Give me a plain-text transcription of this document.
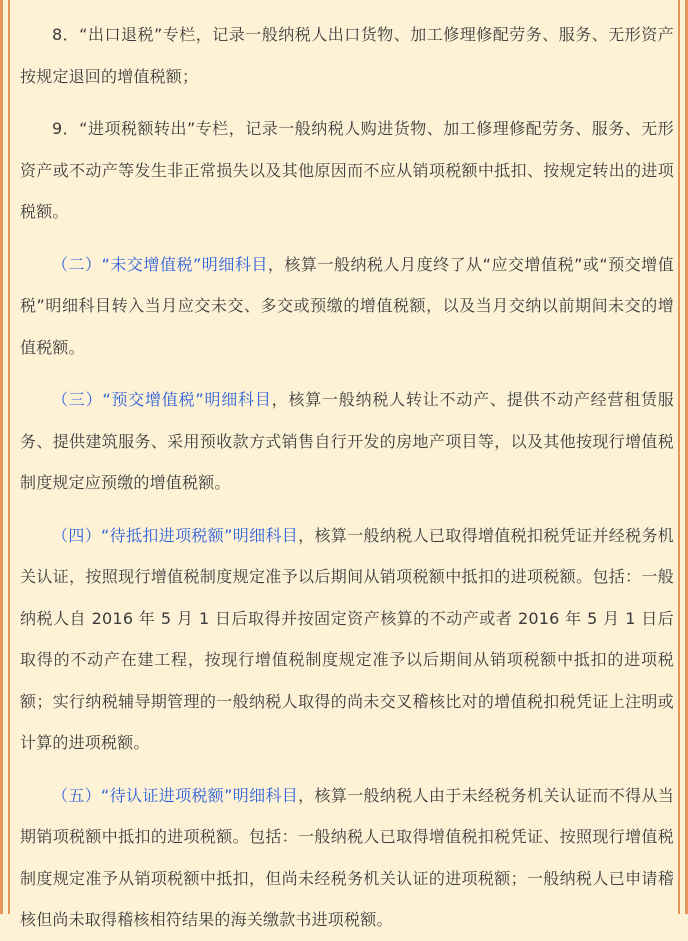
8．“出口退税”专栏，记录一般纳税人出口货物、加工修理修配劳务、服务、无形资产按规定退回的增值税额；

9．“进项税额转出”专栏，记录一般纳税人购进货物、加工修理修配劳务、服务、无形资产或不动产等发生非正常损失以及其他原因而不应从销项税额中抵扣、按规定转出的进项税额。

（二）“未交增值税”明细科目，核算一般纳税人月度终了从“应交增值税”或“预交增值税”明细科目转入当月应交未交、多交或预缴的增值税额，以及当月交纳以前期间未交的增值税额。

（三）“预交增值税”明细科目，核算一般纳税人转让不动产、提供不动产经营租赁服务、提供建筑服务、采用预收款方式销售自行开发的房地产项目等，以及其他按现行增值税制度规定应预缴的增值税额。

（四）“待抵扣进项税额”明细科目，核算一般纳税人已取得增值税扣税凭证并经税务机关认证，按照现行增值税制度规定准予以后期间从销项税额中抵扣的进项税额。包括：一般纳税人自 2016 年 5 月 1 日后取得并按固定资产核算的不动产或者 2016 年 5 月 1 日后取得的不动产在建工程，按现行增值税制度规定准予以后期间从销项税额中抵扣的进项税额；实行纳税辅导期管理的一般纳税人取得的尚未交叉稽核比对的增值税扣税凭证上注明或计算的进项税额。

（五）“待认证进项税额”明细科目，核算一般纳税人由于未经税务机关认证而不得从当期销项税额中抵扣的进项税额。包括：一般纳税人已取得增值税扣税凭证、按照现行增值税制度规定准予从销项税额中抵扣，但尚未经税务机关认证的进项税额；一般纳税人已申请稽核但尚未取得稽核相符结果的海关缴款书进项税额。
